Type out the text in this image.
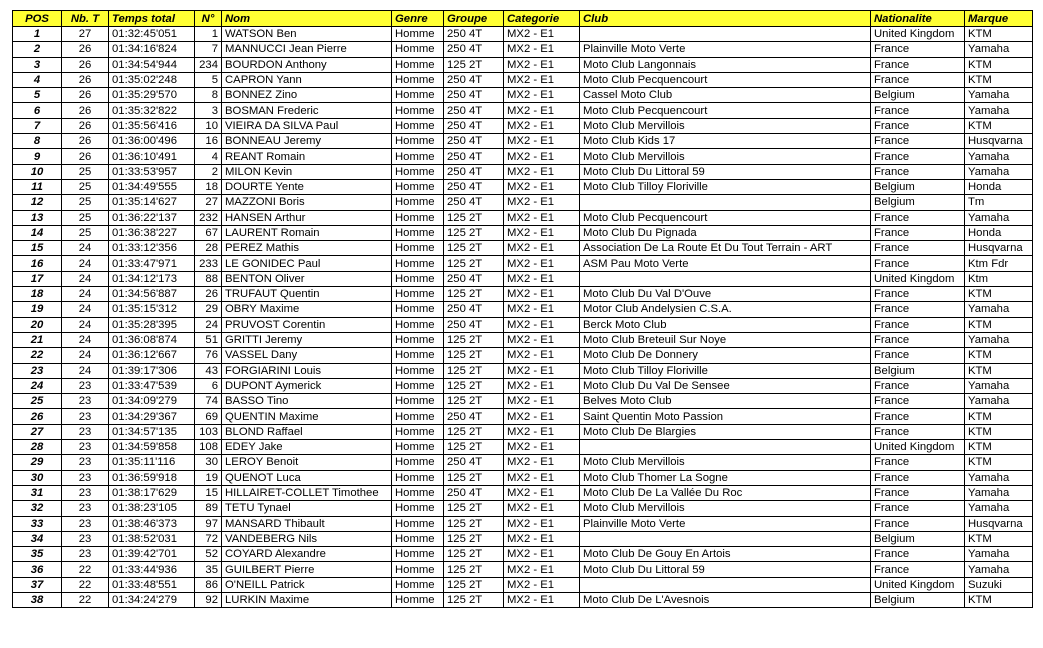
POS	Nb. T	Temps total	N°	Nom	Genre	Groupe	Categorie	Club	Nationalite	Marque
1	27	01:32:45'051	1	WATSON Ben	Homme	250 4T	MX2 - E1		United Kingdom	KTM
2	26	01:34:16'824	7	MANNUCCI Jean Pierre	Homme	250 4T	MX2 - E1	Plainville Moto Verte	France	Yamaha
3	26	01:34:54'944	234	BOURDON Anthony	Homme	125 2T	MX2 - E1	Moto Club Langonnais	France	KTM
4	26	01:35:02'248	5	CAPRON Yann	Homme	250 4T	MX2 - E1	Moto Club Pecquencourt	France	KTM
5	26	01:35:29'570	8	BONNEZ Zino	Homme	250 4T	MX2 - E1	Cassel Moto Club	Belgium	Yamaha
6	26	01:35:32'822	3	BOSMAN Frederic	Homme	250 4T	MX2 - E1	Moto Club Pecquencourt	France	Yamaha
7	26	01:35:56'416	10	VIEIRA DA SILVA Paul	Homme	250 4T	MX2 - E1	Moto Club Mervillois	France	KTM
8	26	01:36:00'496	16	BONNEAU Jeremy	Homme	250 4T	MX2 - E1	Moto Club Kids 17	France	Husqvarna
9	26	01:36:10'491	4	REANT Romain	Homme	250 4T	MX2 - E1	Moto Club Mervillois	France	Yamaha
10	25	01:33:53'957	2	MILON Kevin	Homme	250 4T	MX2 - E1	Moto Club Du Littoral 59	France	Yamaha
11	25	01:34:49'555	18	DOURTE Yente	Homme	250 4T	MX2 - E1	Moto Club Tilloy Floriville	Belgium	Honda
12	25	01:35:14'627	27	MAZZONI Boris	Homme	250 4T	MX2 - E1		Belgium	Tm
13	25	01:36:22'137	232	HANSEN Arthur	Homme	125 2T	MX2 - E1	Moto Club Pecquencourt	France	Yamaha
14	25	01:36:38'227	67	LAURENT Romain	Homme	125 2T	MX2 - E1	Moto Club Du Pignada	France	Honda
15	24	01:33:12'356	28	PEREZ Mathis	Homme	125 2T	MX2 - E1	Association De La Route Et Du Tout Terrain - ART	France	Husqvarna
16	24	01:33:47'971	233	LE GONIDEC Paul	Homme	125 2T	MX2 - E1	ASM Pau Moto Verte	France	Ktm Fdr
17	24	01:34:12'173	88	BENTON Oliver	Homme	250 4T	MX2 - E1		United Kingdom	Ktm
18	24	01:34:56'887	26	TRUFAUT Quentin	Homme	125 2T	MX2 - E1	Moto Club Du Val D'Ouve	France	KTM
19	24	01:35:15'312	29	OBRY Maxime	Homme	250 4T	MX2 - E1	Motor Club Andelysien C.S.A.	France	Yamaha
20	24	01:35:28'395	24	PRUVOST Corentin	Homme	250 4T	MX2 - E1	Berck Moto Club	France	KTM
21	24	01:36:08'874	51	GRITTI Jeremy	Homme	125 2T	MX2 - E1	Moto Club Breteuil Sur Noye	France	Yamaha
22	24	01:36:12'667	76	VASSEL Dany	Homme	125 2T	MX2 - E1	Moto Club De Donnery	France	KTM
23	24	01:39:17'306	43	FORGIARINI Louis	Homme	125 2T	MX2 - E1	Moto Club Tilloy Floriville	Belgium	KTM
24	23	01:33:47'539	6	DUPONT Aymerick	Homme	125 2T	MX2 - E1	Moto Club Du Val De Sensee	France	Yamaha
25	23	01:34:09'279	74	BASSO Tino	Homme	125 2T	MX2 - E1	Belves Moto Club	France	Yamaha
26	23	01:34:29'367	69	QUENTIN Maxime	Homme	250 4T	MX2 - E1	Saint Quentin Moto Passion	France	KTM
27	23	01:34:57'135	103	BLOND Raffael	Homme	125 2T	MX2 - E1	Moto Club De Blargies	France	KTM
28	23	01:34:59'858	108	EDEY Jake	Homme	125 2T	MX2 - E1		United Kingdom	KTM
29	23	01:35:11'116	30	LEROY Benoit	Homme	250 4T	MX2 - E1	Moto Club Mervillois	France	KTM
30	23	01:36:59'918	19	QUENOT Luca	Homme	125 2T	MX2 - E1	Moto Club Thomer La Sogne	France	Yamaha
31	23	01:38:17'629	15	HILLAIRET-COLLET Timothee	Homme	250 4T	MX2 - E1	Moto Club De La Vallée Du Roc	France	Yamaha
32	23	01:38:23'105	89	TETU Tynael	Homme	125 2T	MX2 - E1	Moto Club Mervillois	France	Yamaha
33	23	01:38:46'373	97	MANSARD Thibault	Homme	125 2T	MX2 - E1	Plainville Moto Verte	France	Husqvarna
34	23	01:38:52'031	72	VANDEBERG Nils	Homme	125 2T	MX2 - E1		Belgium	KTM
35	23	01:39:42'701	52	COYARD Alexandre	Homme	125 2T	MX2 - E1	Moto Club De Gouy En Artois	France	Yamaha
36	22	01:33:44'936	35	GUILBERT Pierre	Homme	125 2T	MX2 - E1	Moto Club Du Littoral 59	France	Yamaha
37	22	01:33:48'551	86	O'NEILL Patrick	Homme	125 2T	MX2 - E1		United Kingdom	Suzuki
38	22	01:34:24'279	92	LURKIN Maxime	Homme	125 2T	MX2 - E1	Moto Club De L'Avesnois	Belgium	KTM
